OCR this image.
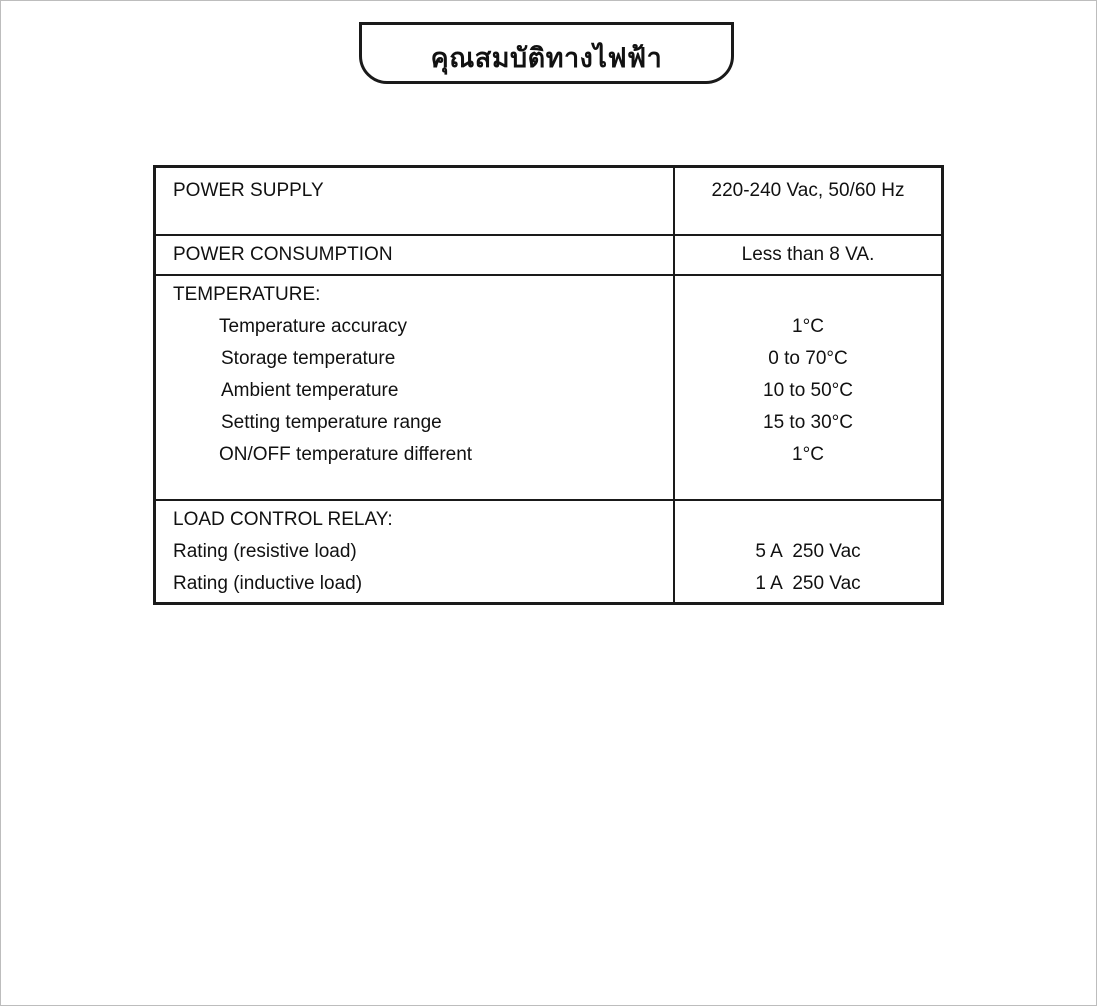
คุณสมบัติทางไฟฟ้า
POWER SUPPLY	220-240 Vac, 50/60 Hz
POWER CONSUMPTION	Less than 8 VA.
TEMPERATURE:
Temperature accuracy
Storage temperature
Ambient temperature
Setting temperature range
ON/OFF temperature different

1°C
0 to 70°C
10 to 50°C
15 to 30°C
1°C
LOAD CONTROL RELAY:
Rating (resistive load)
Rating (inductive load)

5 A  250 Vac
1 A  250 Vac
